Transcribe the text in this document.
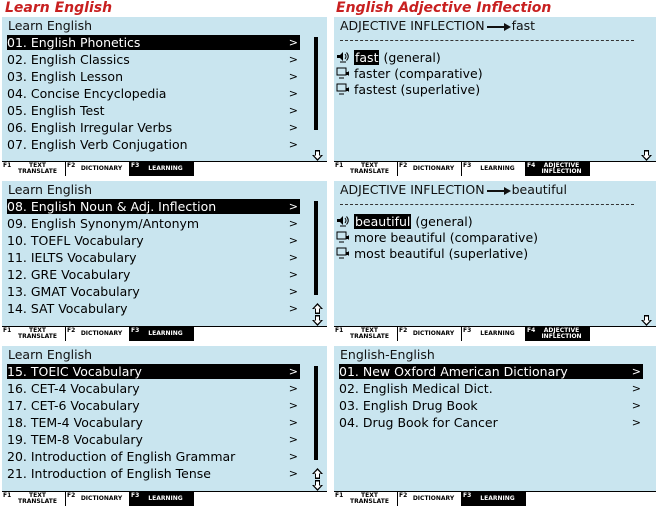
Learn English	English Adjective Inflection
Learn English
01. English Phonetics	>
02. English Classics	>
03. English Lesson	>
04. Concise Encyclopedia	>
05. English Test	>
06. English Irregular Verbs	>
07. English Verb Conjugation	>
F1	TEXT TRANSLATE
F2 DICTIONARY	F3	LEARNING
Learn English
08. English Noun & Adj. Inflection	>
09. English Synonym/Antonym	>
10. TOEFL Vocabulary	>
11. IELTS Vocabulary	>
12. GRE Vocabulary	>
13. GMAT Vocabulary	>
14. SAT Vocabulary	>
F1	TEXT TRANSLATE
F2 DICTIONARY	F3	LEARNING
Learn English
15. TOEIC Vocabulary	>
16. CET-4 Vocabulary	>
17. CET-6 Vocabulary	>
18. TEM-4 Vocabulary	>
19. TEM-8 Vocabulary	>
20. Introduction of English Grammar	>
21. Introduction of English Tense	>
F1	TEXT TRANSLATE
F2 DICTIONARY	F3	LEARNING
ADJECTIVE INFLECTION fast
fast (general)
faster (comparative)
fastest (superlative)
F1	TEXT TRANSLATE
F2 DICTIONARY	F3	LEARNING	F4	ADJECTIVE INFLECTION
ADJECTIVE INFLECTION beautiful
beautiful (general)
more beautiful (comparative)
most beautiful (superlative)
F1	TEXT TRANSLATE
F2 DICTIONARY	F3	LEARNING	F4	ADJECTIVE INFLECTION
English-English
01. New Oxford American Dictionary	>
02. English Medical Dict.	>
03. English Drug Book	>
04. Drug Book for Cancer	>
F1	TEXT TRANSLATE
F2 DICTIONARY	F3	LEARNING
